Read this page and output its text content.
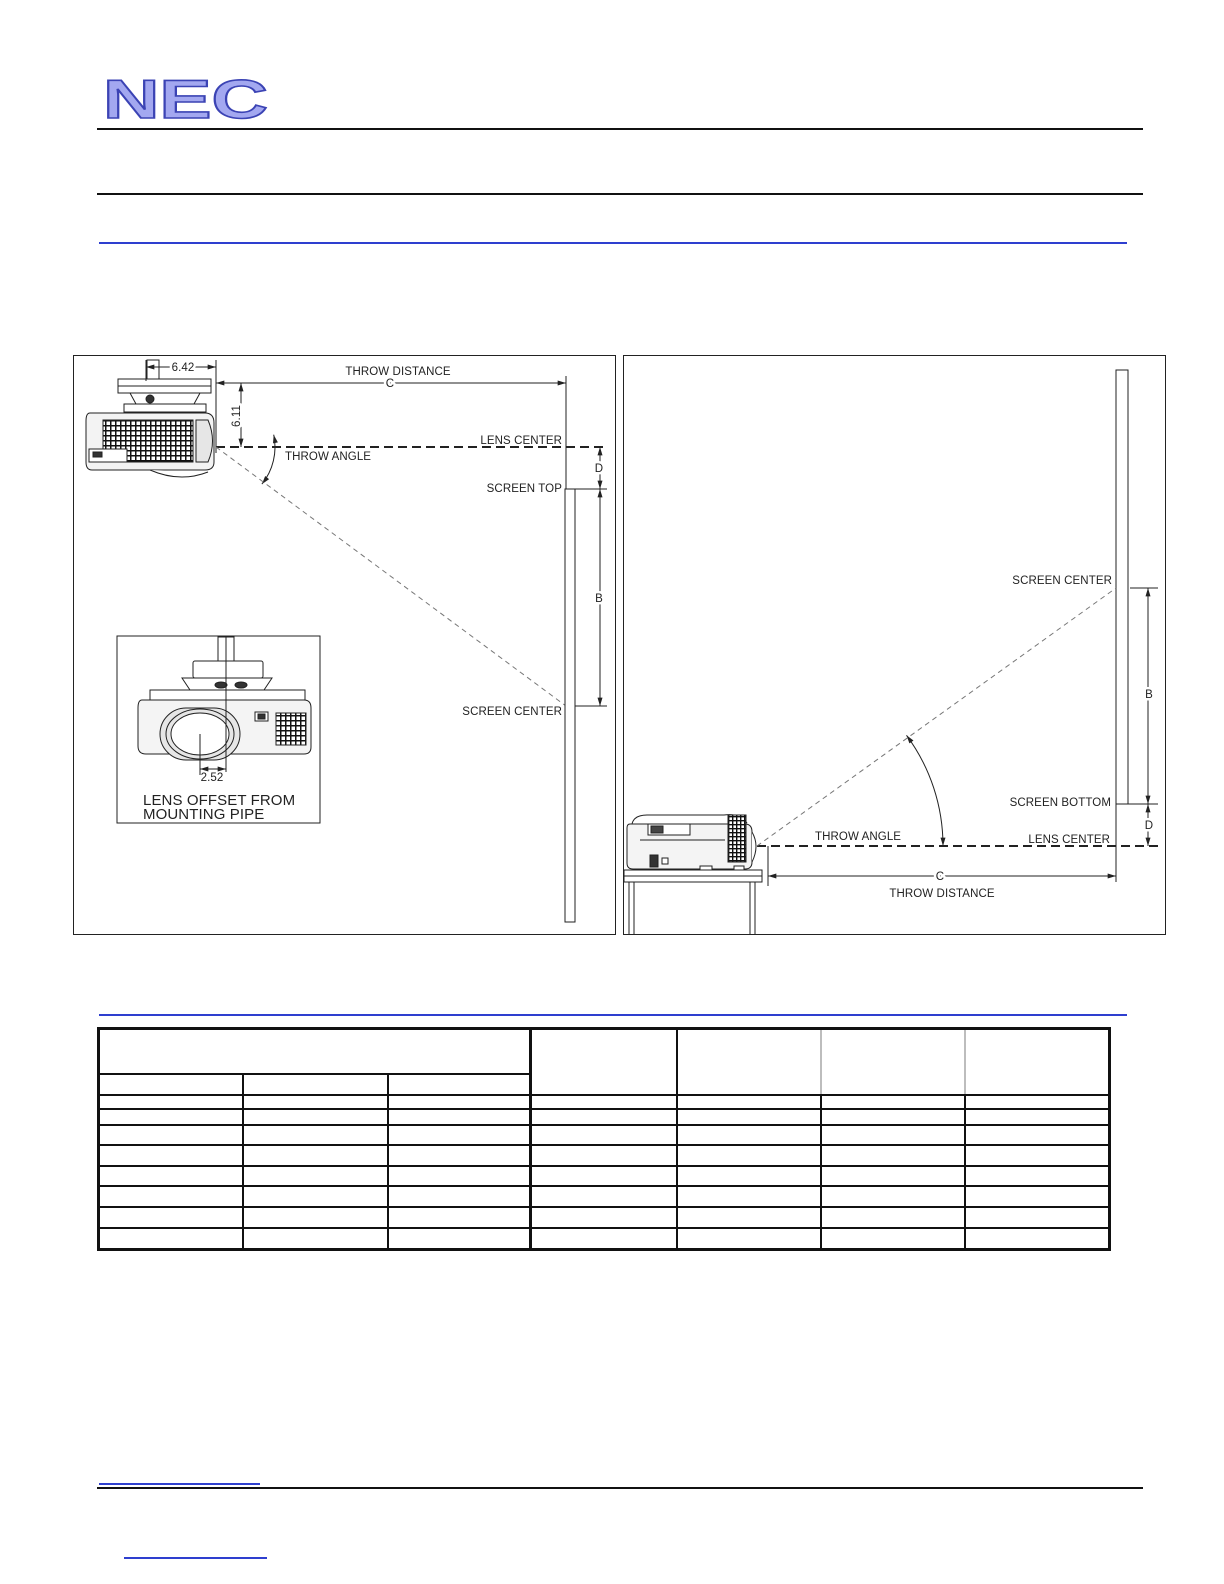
NEC
6.42	THROW DISTANCE
C
6.11
LENS CENTER
THROW ANGLE
D
SCREEN TOP
B
SCREEN CENTER
2.52
LENS OFFSET FROM
MOUNTING PIPE
SCREEN CENTER
B
SCREEN BOTTOM
D
LENS CENTER
THROW ANGLE
C
THROW DISTANCE
